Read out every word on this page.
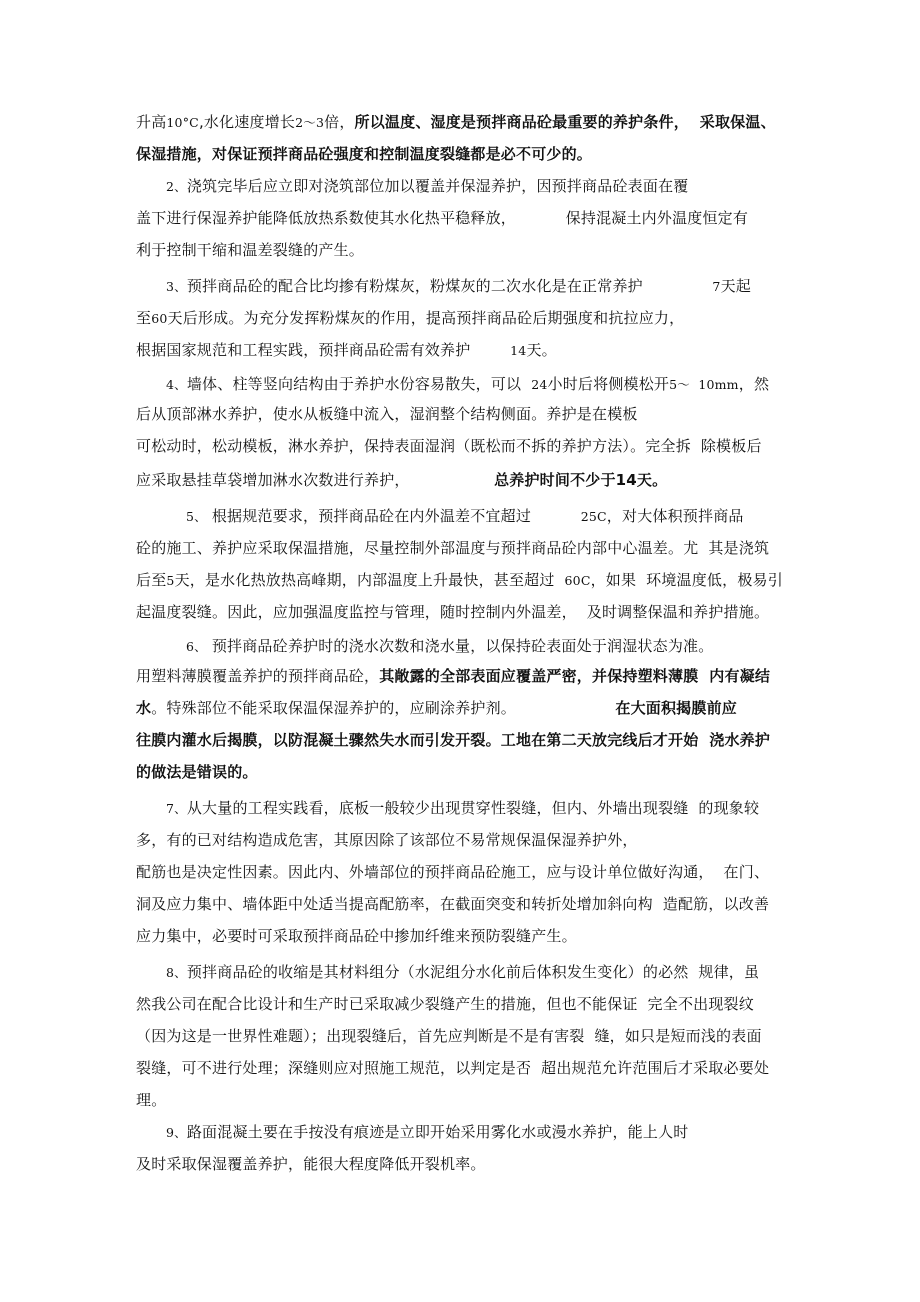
升高10°C,水化速度增长2～3倍，所以温度、湿度是预拌商品砼最重要的养护条件，  采取保温、
保湿措施，对保证预拌商品砼强度和控制温度裂缝都是必不可少的。
2、浇筑完毕后应立即对浇筑部位加以覆盖并保湿养护，因预拌商品砼表面在覆
盖下进行保湿养护能降低放热系数使其水化热平稳释放，          保持混凝土内外温度恒定有
利于控制干缩和温差裂缝的产生。
3、预拌商品砼的配合比均掺有粉煤灰，粉煤灰的二次水化是在正常养护              7天起
至60天后形成。为充分发挥粉煤灰的作用，提高预拌商品砼后期强度和抗拉应力，
根据国家规范和工程实践，预拌商品砼需有效养护        14天。
4、墙体、柱等竖向结构由于养护水份容易散失，可以  24小时后将侧模松开5～  10mm，然
后从顶部淋水养护，使水从板缝中流入，湿润整个结构侧面。养护是在模板
可松动时，松动模板，淋水养护，保持表面湿润（既松而不拆的养护方法）。完全拆  除模板后
应采取悬挂草袋增加淋水次数进行养护，                 总养护时间不少于14天。
5、 根据规范要求，预拌商品砼在内外温差不宜超过          25C，对大体积预拌商品
砼的施工、养护应采取保温措施，尽量控制外部温度与预拌商品砼内部中心温差。尤  其是浇筑
后至5天，是水化热放热高峰期，内部温度上升最快，甚至超过  60C，如果  环境温度低，极易引
起温度裂缝。因此，应加强温度监控与管理，随时控制内外温差，  及时调整保温和养护措施。
6、 预拌商品砼养护时的浇水次数和浇水量，以保持砼表面处于润湿状态为准。
用塑料薄膜覆盖养护的预拌商品砼，其敞露的全部表面应覆盖严密，并保持塑料薄膜  内有凝结
水。特殊部位不能采取保温保湿养护的，应刷涂养护剂。                    在大面积揭膜前应
往膜内灌水后揭膜，以防混凝土骤然失水而引发开裂。工地在第二天放完线后才开始  浇水养护
的做法是错误的。
7、从大量的工程实践看，底板一般较少出现贯穿性裂缝，但内、外墙出现裂缝  的现象较
多，有的已对结构造成危害，其原因除了该部位不易常规保温保湿养护外，
配筋也是决定性因素。因此内、外墙部位的预拌商品砼施工，应与设计单位做好沟通，  在门、
洞及应力集中、墙体距中处适当提高配筋率，在截面突变和转折处增加斜向构  造配筋，以改善
应力集中，必要时可采取预拌商品砼中掺加纤维来预防裂缝产生。
8、预拌商品砼的收缩是其材料组分（水泥组分水化前后体积发生变化）的必然  规律，虽
然我公司在配合比设计和生产时已采取减少裂缝产生的措施，但也不能保证  完全不出现裂纹
（因为这是一世界性难题）；出现裂缝后，首先应判断是不是有害裂  缝，如只是短而浅的表面
裂缝，可不进行处理；深缝则应对照施工规范，以判定是否  超出规范允许范围后才采取必要处
理。
9、路面混凝土要在手按没有痕迹是立即开始采用雾化水或漫水养护，能上人时
及时采取保湿覆盖养护，能很大程度降低开裂机率。
